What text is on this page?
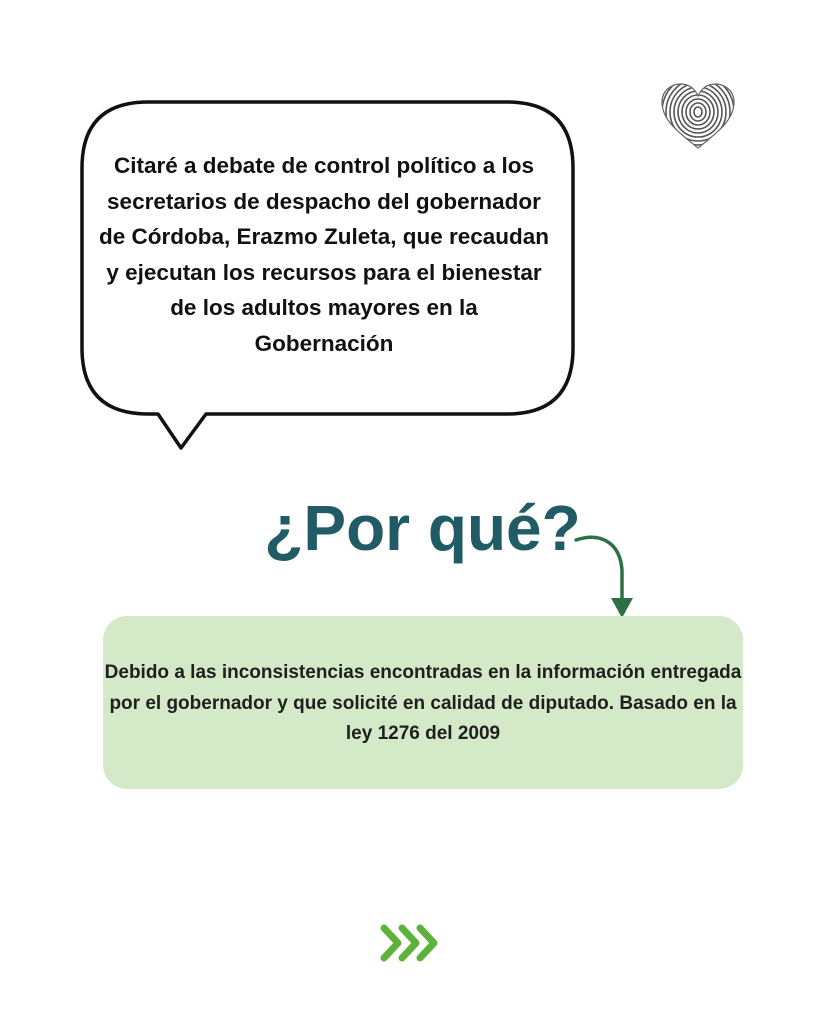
Citaré a debate de control político a los secretarios de despacho del gobernador de Córdoba, Erazmo Zuleta, que recaudan y ejecutan los recursos para el bienestar de los adultos mayores en la Gobernación

¿Por qué?

Debido a las inconsistencias encontradas en la información entregada por el gobernador y que solicité en calidad de diputado. Basado en la ley 1276 del 2009
